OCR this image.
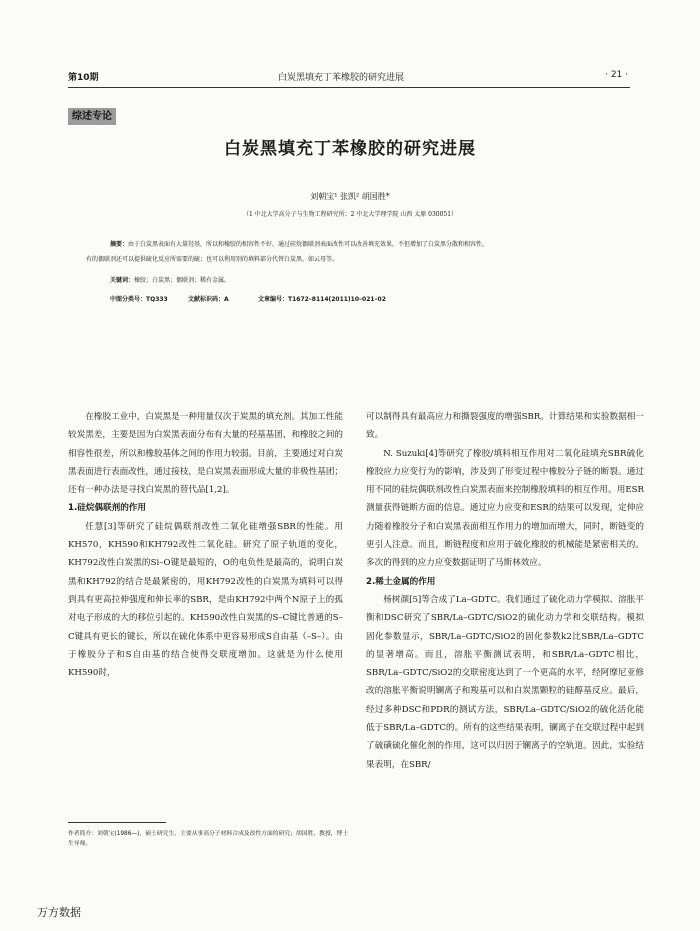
第10期	白炭黑填充丁苯橡胶的研究进展	· 21 ·
综述专论
白炭黑填充丁苯橡胶的研究进展
刘朝宝¹ 张凯² 胡国胜*
（1 中北大学高分子与生物工程研究所；2 中北大学理学院 山西 太原 030051）
摘要：由于白炭黑表面有大量羟基，所以和橡胶的相容性不好。通过硅烷偶联剂表面改性可以改善填充效果，不但增加了白炭黑分散和相容性，
有的偶联剂还可以提供硫化反应所需要的硫；也可以利用别的填料部分代替白炭黑，如云母等。
关键词：橡胶；白炭黑；偶联剂；稀有金属。
中图分类号：TQ333	文献标识码：A	文章编号：T1672–8114(2011)10–021–02

在橡胶工业中，白炭黑是一种用量仅次于炭黑的填充剂。其加工性能较炭黑差，主要是因为白炭黑表面分布有大量的羟基基团，和橡胶之间的相容性很差，所以和橡胶基体之间的作用力较弱。目前，主要通过对白炭黑表面进行表面改性，通过接枝，是白炭黑表面形成大量的非极性基团；还有一种办法是寻找白炭黑的替代品[1,2]。

1.硅烷偶联剂的作用

任慧[3]等研究了硅烷偶联剂改性二氧化硅增强SBR的性能。用KH570，KH590和KH792改性二氧化硅。研究了原子轨道的变化，KH792改性白炭黑的Si–O键是最短的，O的电负性是最高的，说明白炭黑和KH792的结合是最紧密的，用KH792改性的白炭黑为填料可以得到具有更高拉伸强度和伸长率的SBR，是由KH792中两个N原子上的孤对电子形成的大的移位引起的。KH590改性白炭黑的S–C键比普通的S–C键具有更长的键长，所以在硫化体系中更容易形成S自由基（–S–）。由于橡胶分子和S自由基的结合使得交联度增加。这就是为什么使用KH590时，

可以制得具有最高应力和撕裂强度的增强SBR。计算结果和实验数据相一致。

N. Suzuki[4]等研究了橡胶/填料相互作用对二氧化硅填充SBR硫化橡胶应力应变行为的影响，涉及到了形变过程中橡胶分子链的断裂。通过用不同的硅烷偶联剂改性白炭黑表面来控制橡胶填料的相互作用。用ESR测量获得链断方面的信息。通过应力应变和ESR的结果可以发现，定伸应力随着橡胶分子和白炭黑表面相互作用力的增加而增大，同时，断链变的更引人注意。而且，断链程度和应用于硫化橡胶的机械能是紧密相关的。多次的得到的应力应变数据证明了马斯林效应。

2.稀土金属的作用

杨树颜[5]等合成了La–GDTC。我们通过了硫化动力学模拟、溶胀平衡和DSC研究了SBR/La–GDTC/SiO2的硫化动力学和交联结构。模拟固化参数显示，SBR/La–GDTC/SiO2的固化参数k2比SBR/La–GDTC的显著增高。而且，溶胀平衡测试表明，和SBR/La–GDTC相比，SBR/La–GDTC/SiO2的交联密度达到了一个更高的水平，经阿摩尼亚修改的溶胀平衡说明镧离子和羧基可以和白炭黑颗粒的硅醇基反应。最后，经过多种DSC和PDR的测试方法，SBR/La–GDTC/SiO2的硫化活化能低于SBR/La–GDTC的。所有的这些结果表明，镧离子在交联过程中起到了硫磺硫化催化剂的作用，这可以归因于镧离子的空轨道。因此，实验结果表明，在SBR/

作者简介：刘朝宝(1986—)，硕士研究生，主要从事高分子材料合成及改性方面的研究；胡国胜，教授，博士生导师。
万方数据
